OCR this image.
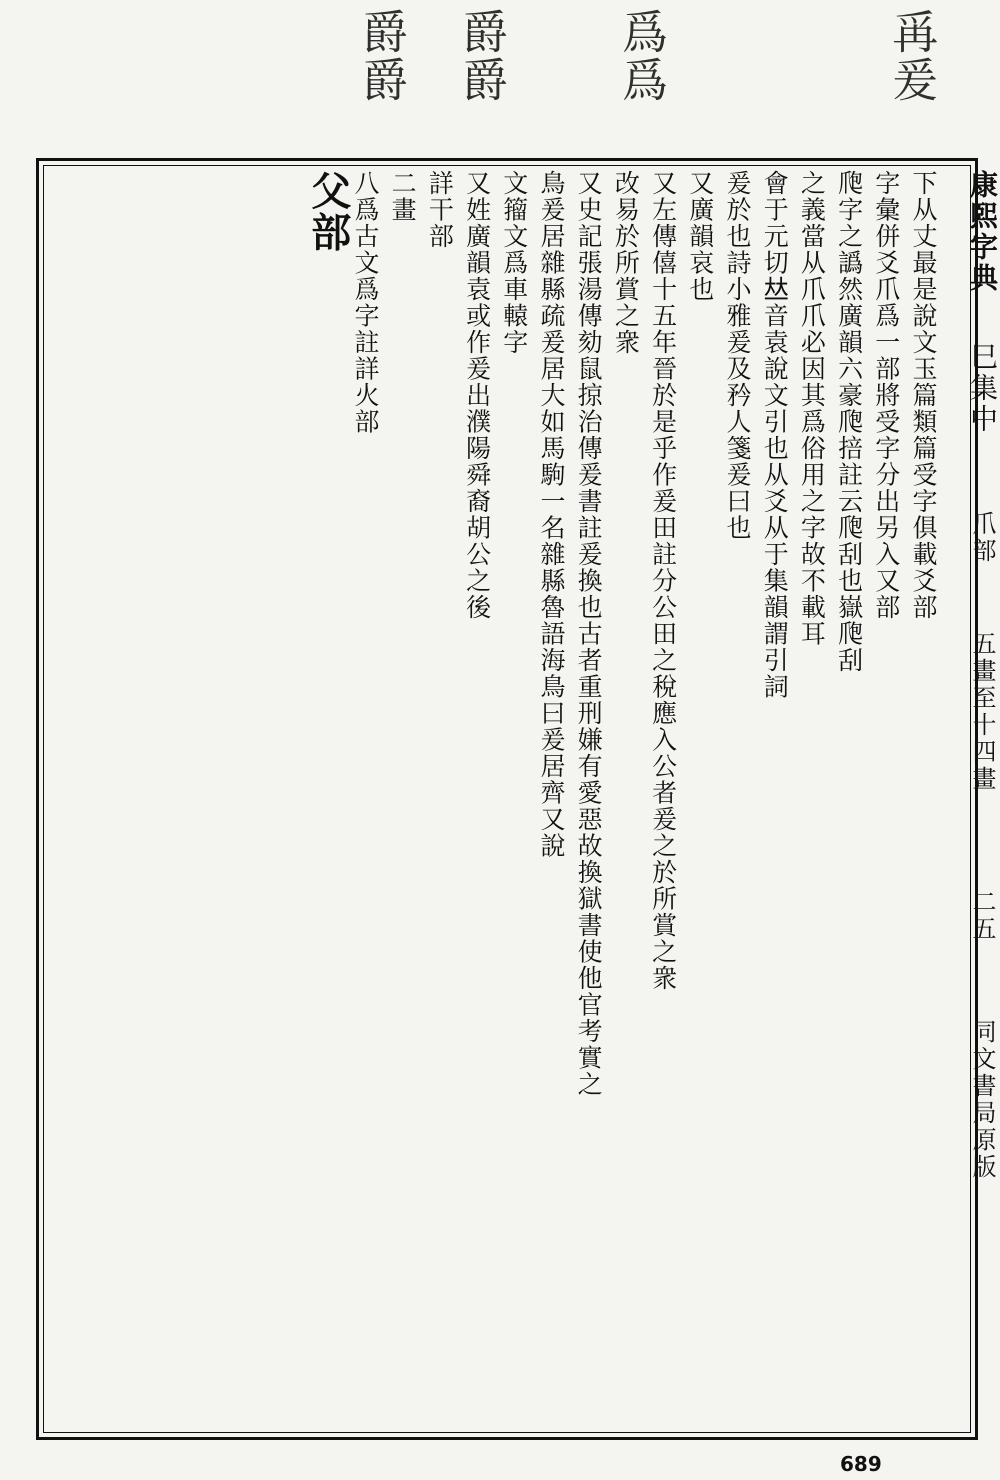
爯爰
爲爲
爵爵
爵爵

下从丈最是說文玉篇類篇受字俱載爻部

字彙併爻爪爲一部將受字分出另入又部

爮字之譌然廣韻六豪爮掊註云爮刮也嶽爮刮

之義當从爪爪必因其爲俗用之字故不載耳

會于元切𠀤音袁說文引也从爻从于集韻謂引詞

爰於也詩小雅爰及矜人箋爰曰也

又廣韻哀也

又左傳僖十五年晉於是乎作爰田註分公田之稅應入公者爰之於所賞之衆

改易於所賞之衆

又史記張湯傳劾鼠掠治傳爰書註爰換也古者重刑嫌有愛惡故換獄書使他官考實之

鳥爰居雜縣疏爰居大如馬駒一名雜縣魯語海鳥曰爰居齊又說

文籀文爲車轅字

又姓廣韻袁或作爰出濮陽舜裔胡公之後

詳干部

二畫

八爲古文爲字註詳火部

父部	康熙字典 巳集中 爪部 五畫至十四畫 二五 同文書局原版
689
